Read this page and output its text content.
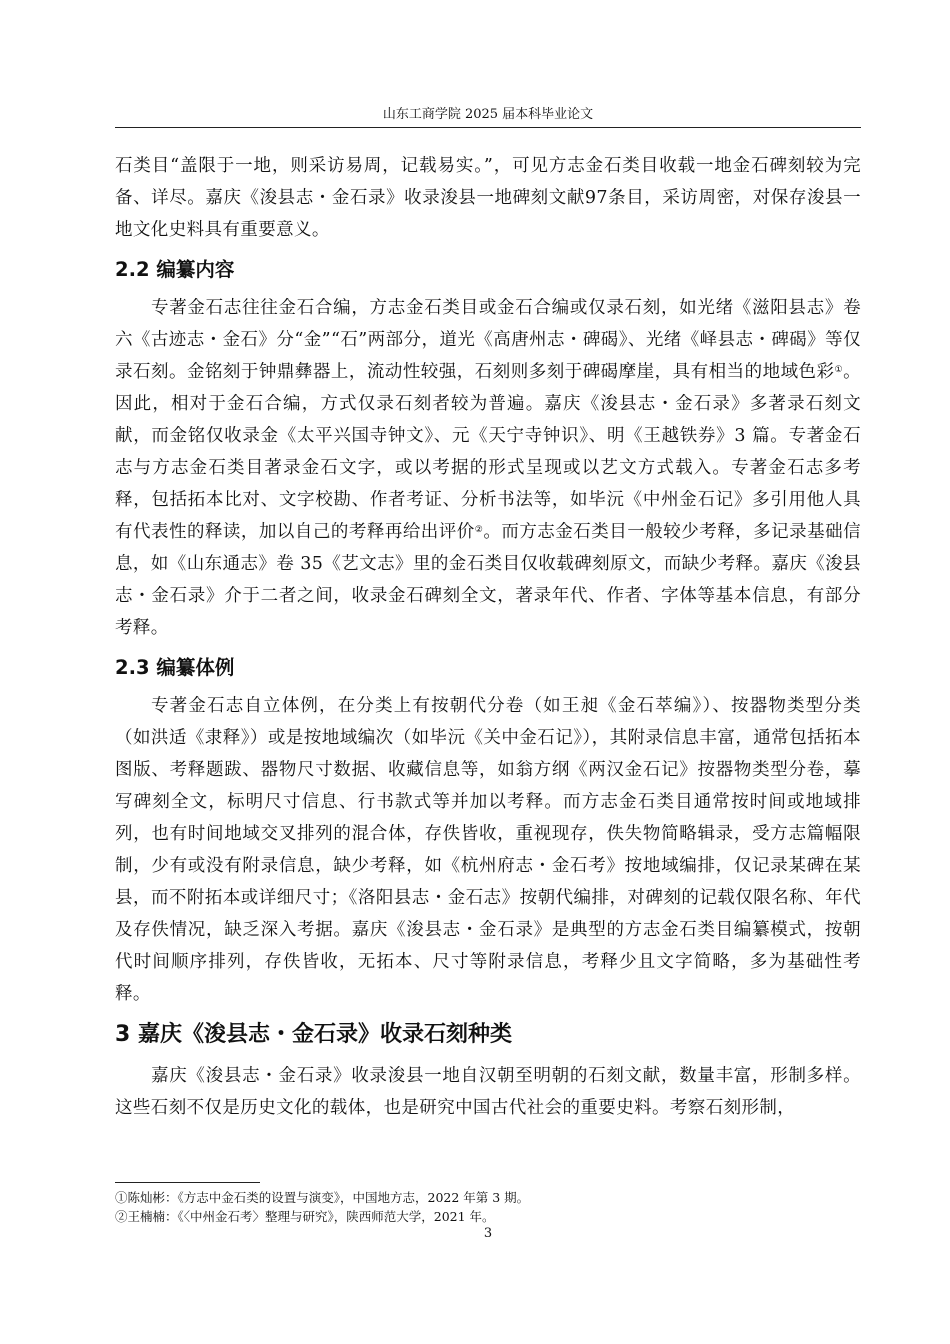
山东工商学院 2025 届本科毕业论文

石类目“盖限于一地，则采访易周，记载易实。”，可见方志金石类目收载一地金石碑刻较为完备、详尽。嘉庆《浚县志・金石录》收录浚县一地碑刻文献97条目，采访周密，对保存浚县一地文化史料具有重要意义。

2.2 编纂内容

专著金石志往往金石合编，方志金石类目或金石合编或仅录石刻，如光绪《滋阳县志》卷六《古迹志・金石》分“金”“石”两部分，道光《高唐州志・碑碣》、光绪《峄县志・碑碣》等仅录石刻。金铭刻于钟鼎彝器上，流动性较强，石刻则多刻于碑碣摩崖，具有相当的地域色彩①。因此，相对于金石合编，方式仅录石刻者较为普遍。嘉庆《浚县志・金石录》多著录石刻文献，而金铭仅收录金《太平兴国寺钟文》、元《天宁寺钟识》、明《王越铁券》3 篇。专著金石志与方志金石类目著录金石文字，或以考据的形式呈现或以艺文方式载入。专著金石志多考释，包括拓本比对、文字校勘、作者考证、分析书法等，如毕沅《中州金石记》多引用他人具有代表性的释读，加以自己的考释再给出评价②。而方志金石类目一般较少考释，多记录基础信息，如《山东通志》卷 35《艺文志》里的金石类目仅收载碑刻原文，而缺少考释。嘉庆《浚县志・金石录》介于二者之间，收录金石碑刻全文，著录年代、作者、字体等基本信息，有部分考释。

2.3 编纂体例

专著金石志自立体例，在分类上有按朝代分卷（如王昶《金石萃编》）、按器物类型分类（如洪适《隶释》）或是按地域编次（如毕沅《关中金石记》），其附录信息丰富，通常包括拓本图版、考释题跋、器物尺寸数据、收藏信息等，如翁方纲《两汉金石记》按器物类型分卷，摹写碑刻全文，标明尺寸信息、行书款式等并加以考释。而方志金石类目通常按时间或地域排列，也有时间地域交叉排列的混合体，存佚皆收，重视现存，佚失物简略辑录，受方志篇幅限制，少有或没有附录信息，缺少考释，如《杭州府志・金石考》按地域编排，仅记录某碑在某县，而不附拓本或详细尺寸；《洛阳县志・金石志》按朝代编排，对碑刻的记载仅限名称、年代及存佚情况，缺乏深入考据。嘉庆《浚县志・金石录》是典型的方志金石类目编纂模式，按朝代时间顺序排列，存佚皆收，无拓本、尺寸等附录信息，考释少且文字简略，多为基础性考释。

3 嘉庆《浚县志・金石录》收录石刻种类

嘉庆《浚县志・金石录》收录浚县一地自汉朝至明朝的石刻文献，数量丰富，形制多样。这些石刻不仅是历史文化的载体，也是研究中国古代社会的重要史料。考察石刻形制，

①陈灿彬：《方志中金石类的设置与演变》，中国地方志，2022 年第 3 期。
②王楠楠：《〈中州金石考〉整理与研究》，陕西师范大学，2021 年。
3
